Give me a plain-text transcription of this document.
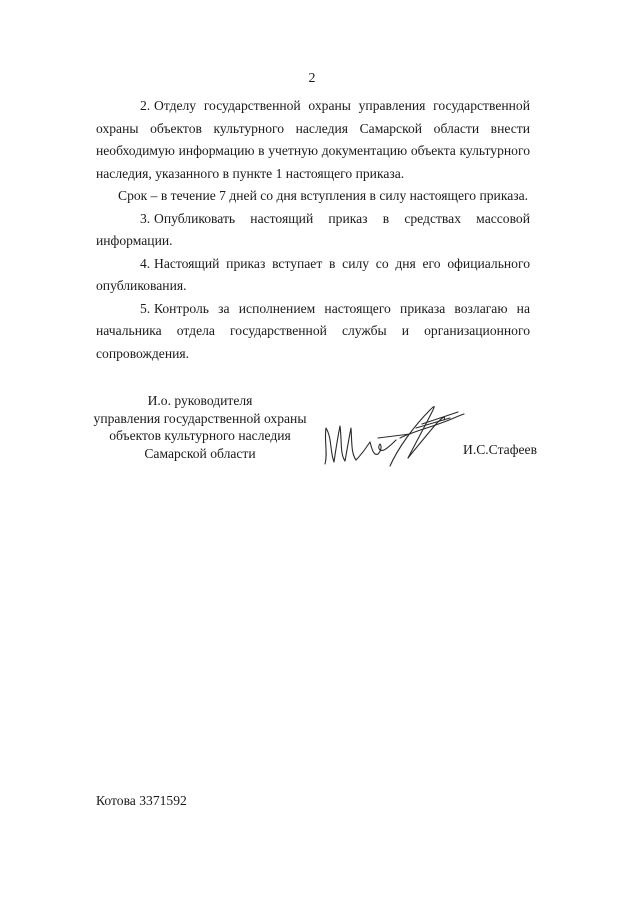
2

2. Отделу государственной охраны управления государственной охраны объектов культурного наследия Самарской области внести необходимую информацию в учетную документацию объекта культурного наследия, указанного в пункте 1 настоящего приказа.

Срок – в течение 7 дней со дня вступления в силу настоящего приказа.

3. Опубликовать настоящий приказ в средствах массовой информации.

4. Настоящий приказ вступает в силу со дня его официального опубликования.

5. Контроль за исполнением настоящего приказа возлагаю на начальника отдела государственной службы и организационного сопровождения.

И.о. руководителя
управления государственной охраны
объектов культурного наследия
Самарской области	И.С.Стафеев
Котова 3371592
